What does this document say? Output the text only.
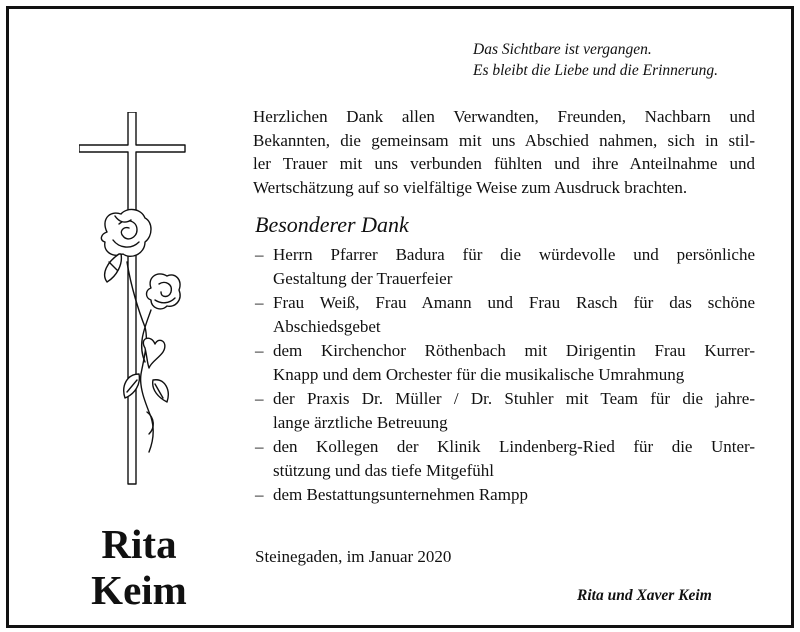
Das Sichtbare ist vergangen.
Es bleibt die Liebe und die Erinnerung.
Herzlichen Dank allen Verwandten, Freunden, Nachbarn und
Bekannten, die gemeinsam mit uns Abschied nahmen, sich in stil-
ler Trauer mit uns verbunden fühlten und ihre Anteilnahme und
Wertschätzung auf so vielfältige Weise zum Ausdruck brachten.
Besonderer Dank
– Herrn Pfarrer Badura für die würdevolle und persönliche
Gestaltung der Trauerfeier
– Frau Weiß, Frau Amann und Frau Rasch für das schöne
Abschiedsgebet
– dem Kirchenchor Röthenbach mit Dirigentin Frau Kurrer-
Knapp und dem Orchester für die musikalische Umrahmung
– der Praxis Dr. Müller / Dr. Stuhler mit Team für die jahre-
lange ärztliche Betreuung
– den Kollegen der Klinik Lindenberg-Ried für die Unter-
stützung und das tiefe Mitgefühl
– dem Bestattungsunternehmen Rampp
Steinegaden, im Januar 2020
Rita und Xaver Keim
Rita
Keim
